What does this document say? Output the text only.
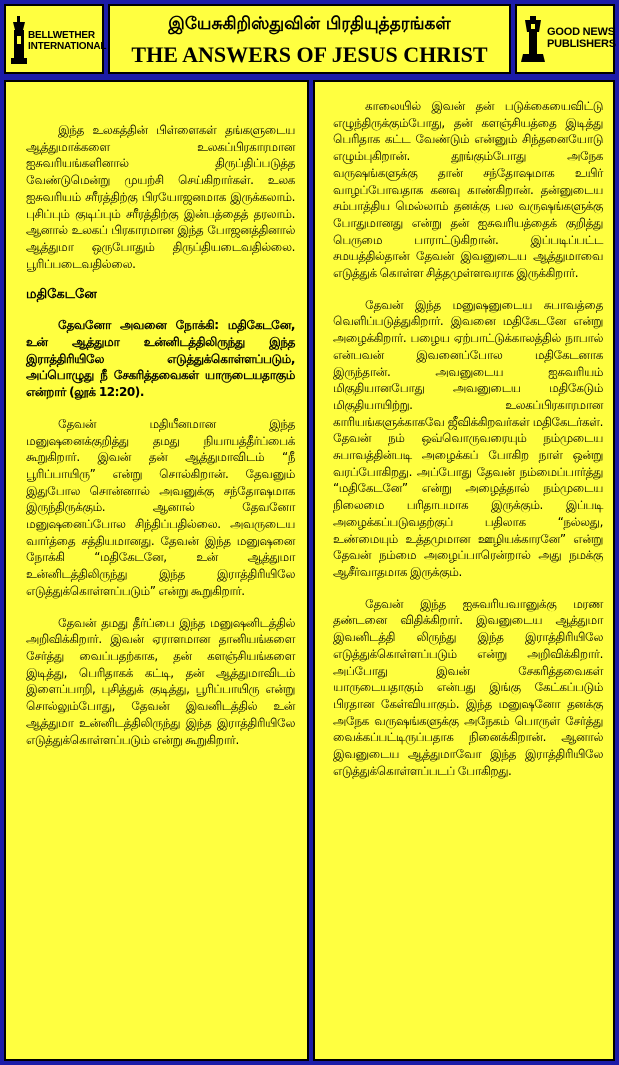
BELLWETHER
INTERNATIONAL
இயேசுகிறிஸ்துவின் பிரதியுத்தரங்கள்
THE ANSWERS OF JESUS CHRIST
GOOD NEWS
PUBLISHERS

இந்த உலகத்தின் பிள்ளைகள் தங்களுடைய ஆத்துமாக்களை உலகப்பிரகாரமான ஐசுவரியங்களினால் திருப்திப்படுத்த வேண்டுமென்று முயற்சி செய்கிறார்கள். உலக ஐசுவரியம் சரீரத்திற்கு பிரயோஜனமாக இருக்கலாம். புசிப்பும் குடிப்பும் சரீரத்திற்கு இன்பத்தைத் தரலாம். ஆனால் உலகப் பிரகாரமான இந்த போஜனத்தினால் ஆத்துமா ஒருபோதும் திருப்தியடைவதில்லை. பூரிப்படைவதில்லை.

மதிகேடனே

தேவனோ அவனை நோக்கி: மதிகேடனே, உன் ஆத்துமா உன்னிடத்திலிருந்து இந்த இராத்திரியிலே எடுத்துக்கொள்ளப்படும், அப்பொழுது நீ சேகரித்தவைகள் யாருடையதாகும் என்றார் (லூக் 12:20).

தேவன் மதியீனமான இந்த மனுஷனைக்குறித்து தமது நியாயத்தீர்ப்பைக் கூறுகிறார். இவன் தன் ஆத்துமாவிடம் “நீ பூரிப்பாயிரு” என்று சொல்கிறான். தேவனும் இதுபோல சொன்னால் அவனுக்கு சந்தோஷமாக இருந்திருக்கும். ஆனால் தேவனோ மனுஷனைப்போல சிந்திப்பதில்லை. அவருடைய வார்த்தை சத்தியமானது. தேவன் இந்த மனுஷனை நோக்கி “மதிகேடனே, உன் ஆத்துமா உன்னிடத்திலிருந்து இந்த இராத்திரியிலே எடுத்துக்கொள்ளப்படும்” என்று கூறுகிறார்.

தேவன் தமது தீர்ப்பை இந்த மனுஷனிடத்தில் அறிவிக்கிறார். இவன் ஏராளமான தானியங்களை சேர்த்து வைப்பதற்காக, தன் களஞ்சியங்களை இடித்து, பெரிதாகக் கட்டி, தன் ஆத்துமாவிடம் இளைப்பாறி, புசித்துக் குடித்து, பூரிப்பாயிரு என்று சொல்லும்போது, தேவன் இவனிடத்தில் உன் ஆத்துமா உன்னிடத்திலிருந்து இந்த இராத்திரியிலே எடுத்துக்கொள்ளப்படும் என்று கூறுகிறார்.

காலையில் இவன் தன் படுக்கையைவிட்டு எழுந்திருக்கும்போது, தன் களஞ்சியத்தை இடித்து பெரிதாக கட்ட வேண்டும் என்னும் சிந்தனையோடு எழும்புகிறான். தூங்கும்போது அநேக வருஷங்களுக்கு தான் சந்தோஷமாக உயிர் வாழப்போவதாக கனவு காண்கிறான். தன்னுடைய சம்பாத்திய மெல்லாம் தனக்கு பல வருஷங்களுக்கு போதுமானது என்று தன் ஐசுவரியத்தைக் குறித்து பெருமை பாராட்டுகிறான். இப்படிப்பட்ட சமயத்தில்தான் தேவன் இவனுடைய ஆத்துமாவை எடுத்துக் கொள்ள சித்தமுள்ளவராக இருக்கிறார்.

தேவன் இந்த மனுஷனுடைய சுபாவத்தை வெளிப்படுத்துகிறார். இவனை மதிகேடனே என்று அழைக்கிறார். பழைய ஏற்பாட்டுக்காலத்தில் நாபால் என்பவன் இவனைப்போல மதிகேடனாக இருந்தான். அவனுடைய ஐசுவரியம் மிகுதியானபோது அவனுடைய மதிகேடும் மிகுதியாயிற்று. உலகப்பிரகாரமான காரியங்களுக்காகவே ஜீவிக்கிறவர்கள் மதிகேடர்கள். தேவன் நம் ஒவ்வொருவரையும் நம்முடைய சுபாவத்தின்படி அழைக்கப் போகிற நாள் ஒன்று வரப்போகிறது. அப்போது தேவன் நம்மைப்பார்த்து “மதிகேடனே” என்று அழைத்தால் நம்முடைய நிலைமை பரிதாபமாக இருக்கும். இப்படி அழைக்கப்படுவதற்குப் பதிலாக “நல்லது, உண்மையும் உத்தமுமான ஊழியக்காரனே” என்று தேவன் நம்மை அழைப்பாரென்றால் அது நமக்கு ஆசீர்வாதமாக இருக்கும்.

தேவன் இந்த ஐசுவரியவானுக்கு மரண தண்டனை விதிக்கிறார். இவனுடைய ஆத்துமா இவனிடத்தி லிருந்து இந்த இராத்திரியிலே எடுத்துக்கொள்ளப்படும் என்று அறிவிக்கிறார். அப்போது இவன் சேகரித்தவைகள் யாருடையதாகும் என்பது இங்கு கேட்கப்படும் பிரதான கேள்வியாகும். இந்த மனுஷனோ தனக்கு அநேக வருஷங்களுக்கு அநேகம் பொருள் சேர்த்து வைக்கப்பட்டிருப்பதாக நினைக்கிறான். ஆனால் இவனுடைய ஆத்துமாவோ இந்த இராத்திரியிலே எடுத்துக்கொள்ளப்படப் போகிறது.
